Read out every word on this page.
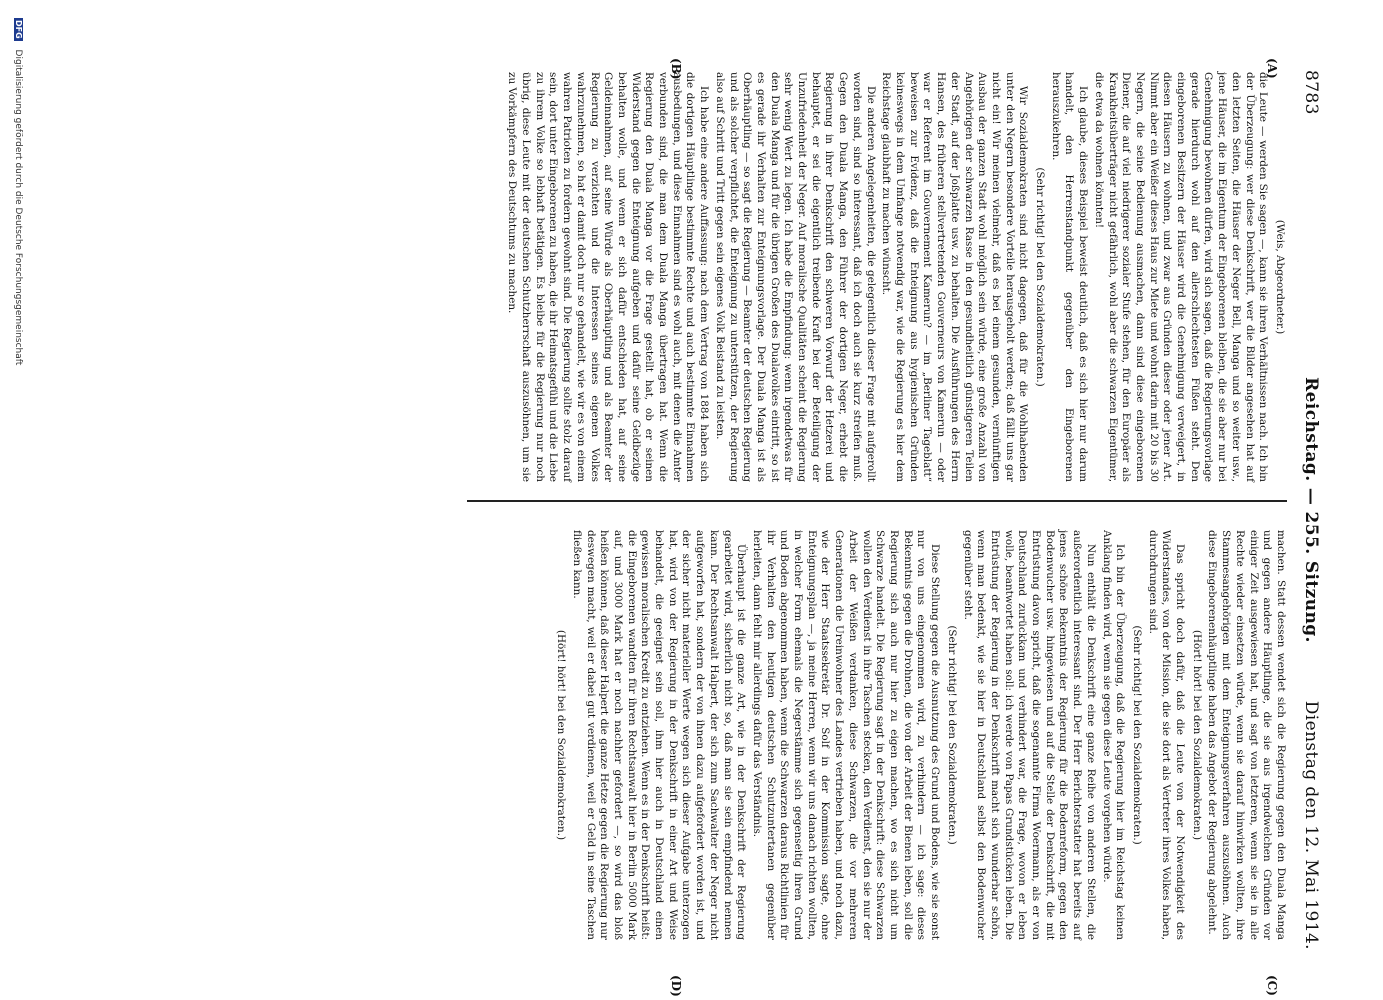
8783
Reichstag. — 255. Sitzung.
Dienstag den 12. Mai 1914.
(A)
(B)
(C)
(D)

(Weis, Abgeordneter.)

die Leute — werden Sie sagen —, kann sie ihren Verhältnissen nach. Ich bin der Überzeugung: wer diese Denkschrift, wer die Bilder angesehen hat auf den letzten Seiten, die Häuser der Neger Bell, Manga und so weiter usw., jene Häuser, die im Eigentum der Eingeborenen bleiben, die sie aber nur bei Genehmigung bewohnen dürfen, wird sich sagen, daß die Regierungsvorlage gerade hierdurch wohl auf den allerschlechtesten Füßen steht. Den eingeborenen Besitzern der Häuser wird die Genehmigung verweigert, in diesen Häusern zu wohnen, und zwar aus Gründen dieser oder jener Art. Nimmt aber ein Weißer dieses Haus zur Miete und wohnt darin mit 20 bis 30 Negern, die seine Bedienung ausmachen, dann sind diese eingeborenen Diener, die auf viel niedrigerer sozialer Stufe stehen, für den Europäer als Krankheitsüberträger nicht gefährlich, wohl aber die schwarzen Eigentümer, die etwa da wohnen könnten!

Ich glaube, dieses Beispiel beweist deutlich, daß es sich hier nur darum handelt, den Herrenstandpunkt gegenüber den Eingeborenen herauszukehren.

(Sehr richtig! bei den Sozialdemokraten.)

Wir Sozialdemokraten sind nicht dagegen, daß für die Wohlhabenden unter den Negern besondere Vorteile herausgeholt werden; daß fällt uns gar nicht ein! Wir meinen vielmehr, daß es bei einem gesunden, vernünftigen Ausbau der ganzen Stadt wohl möglich sein würde, eine große Anzahl von Angehörigen der schwarzen Rasse in den gesundheitlich günstigeren Teilen der Stadt, auf der Joßplatte usw. zu behalten. Die Ausführungen des Herrn Hansen, des früheren stellvertretenden Gouverneurs von Kamerun — oder war er Referent im Gouvernement Kamerun? — im „Berliner Tageblatt“ beweisen zur Evidenz, daß die Enteignung aus hygienischen Gründen keineswegs in dem Umfange notwendig war, wie die Regierung es hier dem Reichstage glaubhaft zu machen wünscht.

Die anderen Angelegenheiten, die gelegentlich dieser Frage mit aufgerollt worden sind, sind so interessant, daß ich doch auch sie kurz streifen muß. Gegen den Duala Manga, den Führer der dortigen Neger, erhebt die Regierung in ihrer Denkschrift den schweren Vorwurf der Hetzerei und behauptet, er sei die eigentlich treibende Kraft bei der Beteiligung der Unzufriedenheit der Neger. Auf moralische Qualitäten scheint die Regierung sehr wenig Wert zu legen. Ich habe die Empfindung: wenn irgendetwas für den Duala Manga und für die übrigen Großen des Dualavolkes eintritt, so ist es gerade ihr Verhalten zur Enteignungsvorlage. Der Duala Manga ist als Oberhäuptling — so sagt die Regierung — Beamter der deutschen Regierung und als solcher verpflichtet, die Enteignung zu unterstützen, der Regierung also auf Schritt und Tritt gegen sein eigenes Volk Beistand zu leisten.

Ich habe eine andere Auffassung: nach dem Vertrag von 1884 haben sich die dortigen Häuptlinge bestimmte Rechte und auch bestimmte Einnahmen ausbedungen, und diese Einnahmen sind es wohl auch, mit denen die Amter verbunden sind, die man dem Duala Manga übertragen hat. Wenn die Regierung den Duala Manga vor die Frage gestellt hat, ob er seinen Widerstand gegen die Enteignung aufgeben und dafür seine Geldbezüge behalten wolle, und wenn er sich dafür entschieden hat, auf seine Geldeinnahmen, auf seine Würde als Oberhäuptling und als Beamter der Regierung zu verzichten und die Interessen seines eigenen Volkes wahrzunehmen, so hat er damit doch nur so gehandelt, wie wir es von einem wahren Patrioten zu fordern gewohnt sind. Die Regierung sollte stolz darauf sein, dort unter Eingeborenen zu haben, die ihr Heimatsgefühl und die Liebe zu ihrem Volke so lebhaft betätigen. Es bleibe für die Regierung nur noch übrig, diese Leute mit der deutschen Schutzherrschaft auszusöhnen, um sie zu Vorkämpfern des Deutschtums zu machen.

machen. Statt dessen wendet sich die Regierung gegen den Duala Manga und gegen andere Häuptlinge, die sie aus irgendwelchen Gründen vor einiger Zeit ausgewiesen hat, und sagt von letzteren, wenn sie sie in alle Rechte wieder einsetzen würde, wenn sie darauf hinwirken wollten, ihre Stammesangehörigen mit dem Enteignungsverfahren auszusöhnen. Auch diese Eingeborenenhäuptlinge haben das Angebot der Regierung abgelehnt.

(Hört! hört! bei den Sozialdemokraten.)

Das spricht doch dafür, daß die Leute von der Notwendigkeit des Widerstandes, von der Mission, die sie dort als Vertreter ihres Volkes haben, durchdrungen sind.

(Sehr richtig! bei den Sozialdemokraten.)

Ich bin der Überzeugung, daß die Regierung hier im Reichstag keinen Anklang finden wird, wenn sie gegen diese Leute vorgehen würde.

Nun enthält die Denkschrift eine ganze Reihe von anderen Stellen, die außerordentlich interessant sind. Der Herr Berichterstatter hat bereits auf jenes schöne Bekenntnis der Regierung für die Bodenreform, gegen den Bodenwucher usw. hingewiesen und auf die Stelle der Denkschrift, die mit Entrüstung davon spricht, daß die sogenannte Firma Woermann, als er von Deutschland zurückkam und verhindert war, die Frage, wovon er leben wolle, beantwortet haben soll: ich werde von Papas Grundstücken leben. Die Entrüstung der Regierung in der Denkschrift macht sich wunderbar schön, wenn man bedenkt, wie sie hier in Deutschland selbst den Bodenwucher gegenüber steht.

(Sehr richtig! bei den Sozialdemokraten.)

Diese Stellung gegen die Ausnutzung des Grund und Bodens, wie sie sonst nur von uns eingenommen wird, zu verhindern — ich sage: dieses Bekenntnis gegen die Drohnen, die von der Arbeit der Bienen leben, soll die Regierung sich auch nur hier zu eigen machen, wo es sich nicht um Schwarze handelt. Die Regierung sagt in der Denkschrift: diese Schwarzen wollen den Verdienst in ihre Taschen stecken, den Verdienst, den sie nur der Arbeit der Weißen verdanken, diese Schwarzen, die vor mehreren Generationen die Ureinwohner des Landes vertrieben haben, und noch dazu, wie der Herr Staatssekretär Dr. Solf in der Kommission sagte, ohne Enteignungsplan —, ja meine Herren, wenn wir uns danach richten wollten, in welcher Form ehemals die Negerstämme sich gegenseitig ihren Grund und Boden abgenommen haben, wenn die Schwarzen daraus Richtlinien für ihr Verhalten den heutigen deutschen Schutzuntertanen gegenüber herleiten, dann fehlt mir allerdings dafür das Verständnis.

Überhaupt ist die ganze Art, wie in der Denkschrift der Regierung gearbeitet wird, sicherlich nicht so, daß man sie sein empfindend nennen kann. Der Rechtsanwalt Halpert, der sich zum Sachwalter der Neger nicht aufgeworfen hat, sondern der von ihnen dazu aufgefordert worden ist, und der sicher nicht materieller Werte wegen sich dieser Aufgabe unterzogen hat, wird von der Regierung in der Denkschrift in einer Art und Weise behandelt, die geeignet sein soll, ihm hier auch in Deutschland einen gewissen moralischen Kredit zu entziehen. Wenn es in der Denkschrift heißt: die Eingeborenen wandten für ihren Rechtsanwalt hier in Berlin 5000 Mark auf, und 3000 Mark hat er noch nachher gefordert —, so wird das bloß heißen können, daß dieser Halpert die ganze Hetze gegen die Regierung nur deswegen macht, weil er dabei gut verdienen, weil er Geld in seine Taschen fließen kann.

(Hört! hört! bei den Sozialdemokraten.)

DFG Digitalisierung gefördert durch die Deutsche Forschungsgemeinschaft
